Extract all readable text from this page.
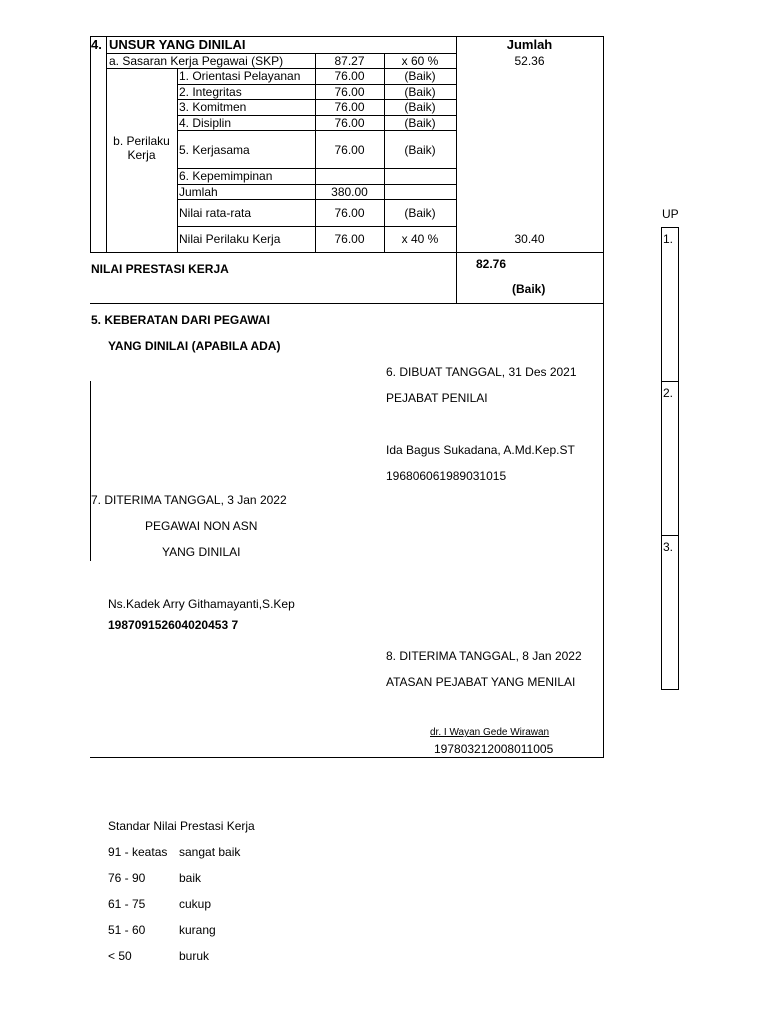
4. UNSUR YANG DINILAI	Jumlah
a. Sasaran Kerja Pegawai (SKP)	87.27	x 60 %	52.36
b. Perilaku
Kerja
1. Orientasi Pelayanan	76.00	(Baik)
2. Integritas	76.00	(Baik)
3. Komitmen	76.00	(Baik)
4. Disiplin	76.00	(Baik)
5. Kerjasama	76.00	(Baik)
6. Kepemimpinan
Jumlah	380.00
Nilai rata-rata	76.00	(Baik)
Nilai Perilaku Kerja	76.00	x 40 %	30.40
NILAI PRESTASI KERJA	82.76
(Baik)
5. KEBERATAN DARI PEGAWAI
YANG DINILAI (APABILA ADA)
6. DIBUAT TANGGAL, 31 Des 2021
PEJABAT PENILAI
Ida Bagus Sukadana, A.Md.Kep.ST
196806061989031015
7. DITERIMA TANGGAL, 3 Jan 2022
PEGAWAI NON ASN
YANG DINILAI
Ns.Kadek Arry Githamayanti,S.Kep
198709152604020453 7
8. DITERIMA TANGGAL, 8 Jan 2022
ATASAN PEJABAT YANG MENILAI
dr. I Wayan Gede Wirawan
197803212008011005
UP
1.
2.
3.
Standar Nilai Prestasi Kerja
91 - keatas sangat baik
76 - 90	baik
61 - 75	cukup
51 - 60	kurang
< 50	buruk
